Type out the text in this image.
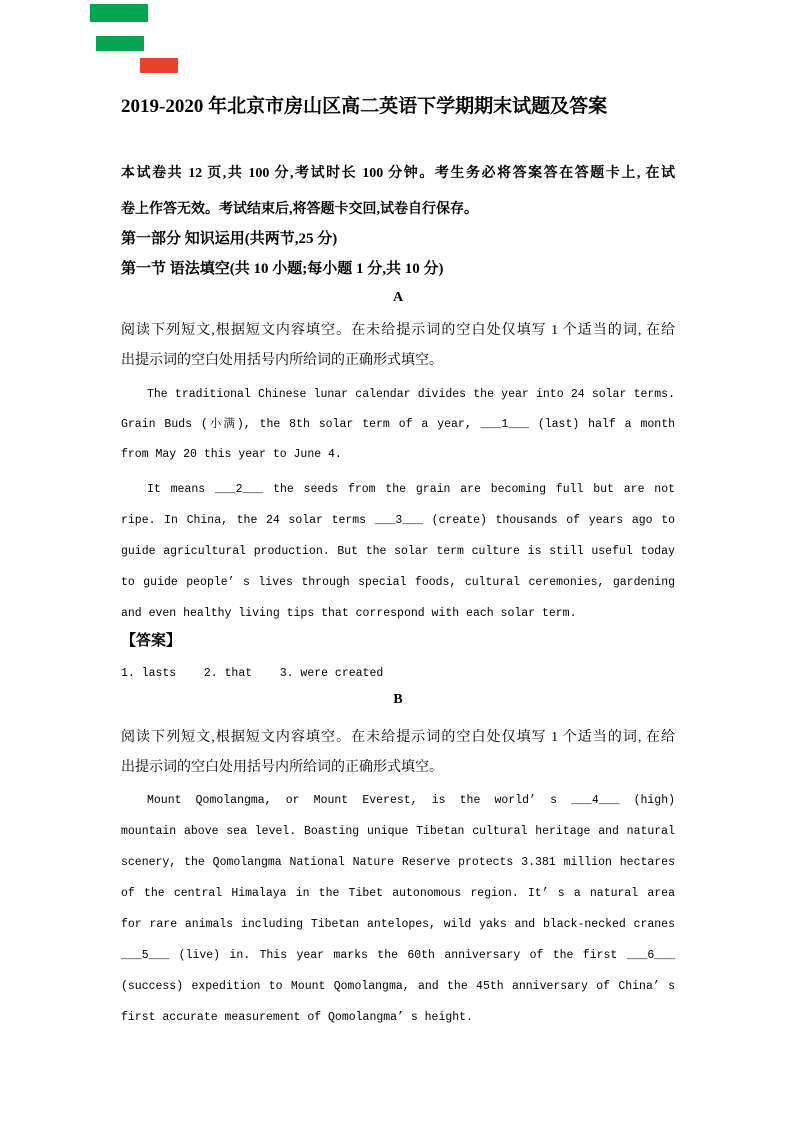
2019-2020 年北京市房山区高二英语下学期期末试题及答案
本试卷共 12 页,共 100 分,考试时长 100 分钟。考生务必将答案答在答题卡上, 在试
卷上作答无效。考试结束后,将答题卡交回,试卷自行保存。
第一部分 知识运用(共两节,25 分)
第一节 语法填空(共 10 小题;每小题 1 分,共 10 分)
A
阅读下列短文,根据短文内容填空。在未给提示词的空白处仅填写 1 个适当的词, 在给
出提示词的空白处用括号内所给词的正确形式填空。
The traditional Chinese lunar calendar divides the year into 24 solar terms.
Grain Buds (小满), the 8th solar term of a year, ___1___ (last) half a month
from May 20 this year to June 4.
It means ___2___ the seeds from the grain are becoming full but are not
ripe. In China, the 24 solar terms ___3___ (create) thousands of years ago to
guide agricultural production. But the solar term culture is still useful today
to guide people’ s lives through special foods, cultural ceremonies, gardening
and even healthy living tips that correspond with each solar term.
【答案】
1. lasts    2. that    3. were created
B
阅读下列短文,根据短文内容填空。在未给提示词的空白处仅填写 1 个适当的词, 在给
出提示词的空白处用括号内所给词的正确形式填空。
Mount Qomolangma, or Mount Everest, is the world’ s ___4___ (high)
mountain above sea level. Boasting unique Tibetan cultural heritage and natural
scenery, the Qomolangma National Nature Reserve protects 3.381 million hectares
of the central Himalaya in the Tibet autonomous region. It’ s a natural area
for rare animals including Tibetan antelopes, wild yaks and black-necked cranes
___5___ (live) in. This year marks the 60th anniversary of the first ___6___
(success) expedition to Mount Qomolangma, and the 45th anniversary of China’ s
first accurate measurement of Qomolangma’ s height.
